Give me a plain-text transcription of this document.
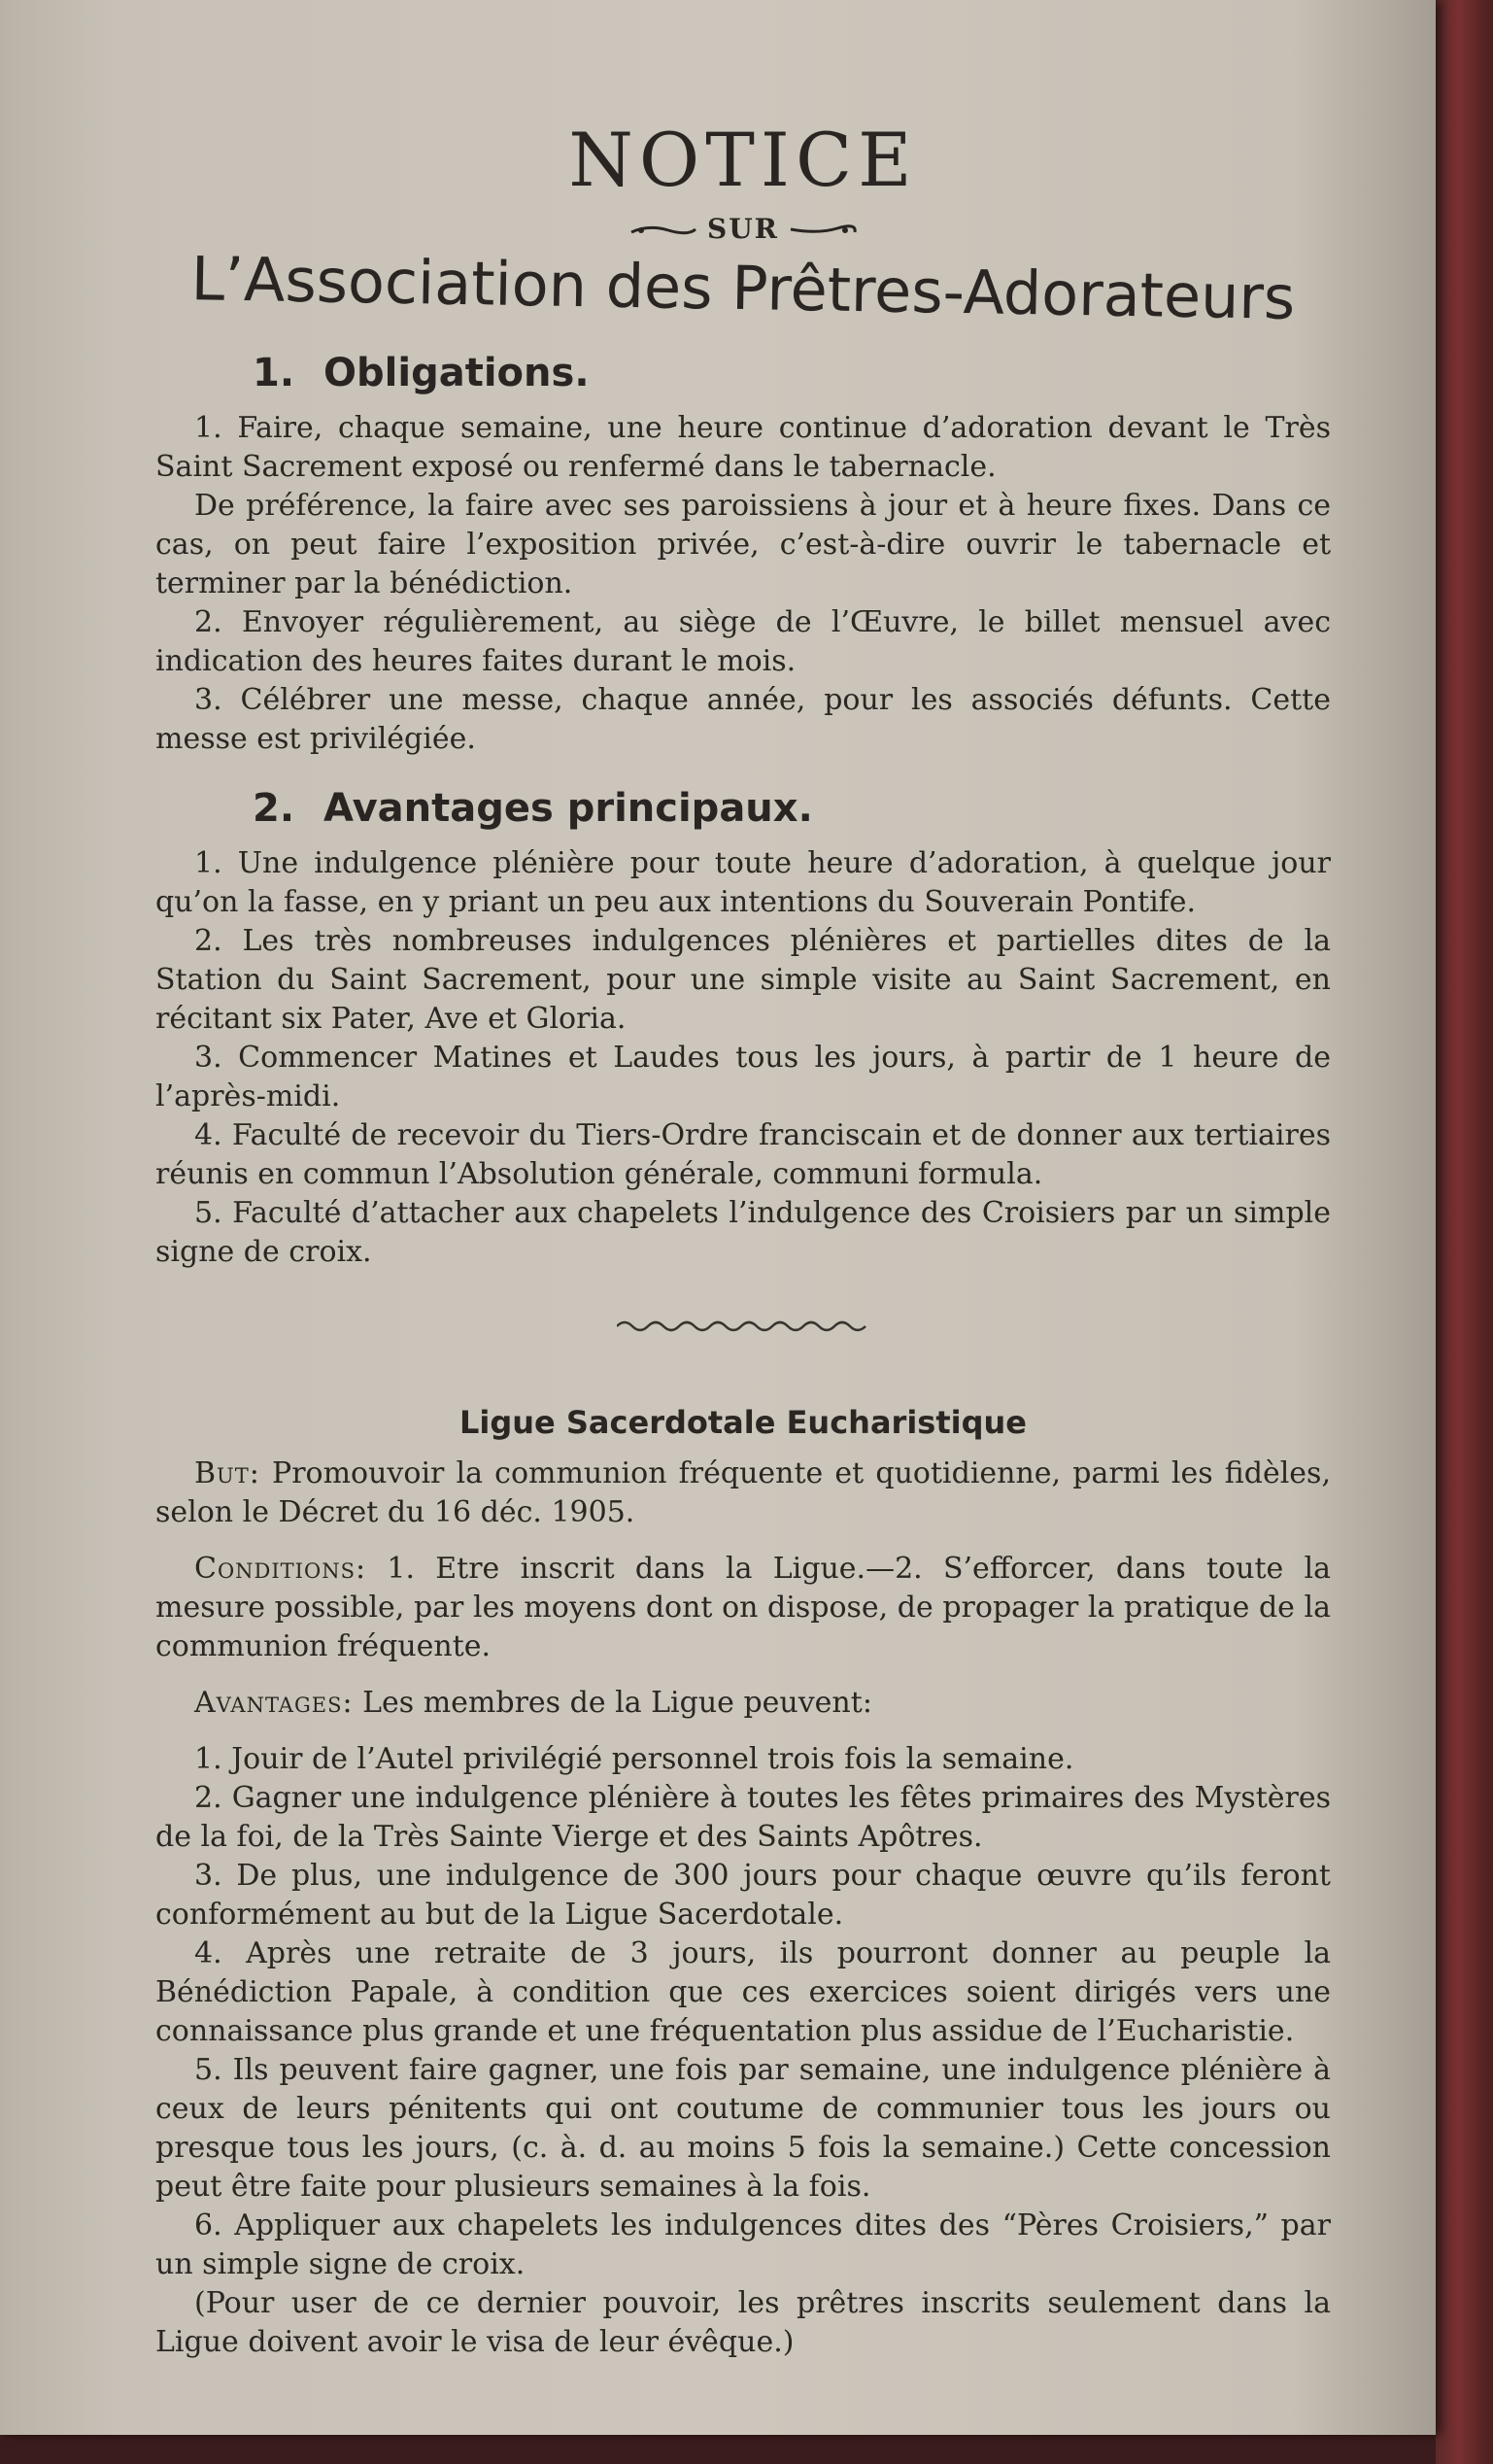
NOTICE
SUR
L’Association des Prêtres-Adorateurs
1. Obligations.

1. Faire, chaque semaine, une heure continue d’adoration devant le Très Saint Sacrement exposé ou renfermé dans le tabernacle.

De préférence, la faire avec ses paroissiens à jour et à heure fixes. Dans ce cas, on peut faire l’exposition privée, c’est-à-dire ouvrir le tabernacle et terminer par la bénédiction.

2. Envoyer régulièrement, au siège de l’Œuvre, le billet mensuel avec indication des heures faites durant le mois.

3. Célébrer une messe, chaque année, pour les associés défunts. Cette messe est privilégiée.

2. Avantages principaux.

1. Une indulgence plénière pour toute heure d’adoration, à quelque jour qu’on la fasse, en y priant un peu aux intentions du Souverain Pontife.

2. Les très nombreuses indulgences plénières et partielles dites de la Station du Saint Sacrement, pour une simple visite au Saint Sacrement, en récitant six Pater, Ave et Gloria.

3. Commencer Matines et Laudes tous les jours, à partir de 1 heure de l’après-midi.

4. Faculté de recevoir du Tiers-Ordre franciscain et de donner aux tertiaires réunis en commun l’Absolution générale, communi formula.

5. Faculté d’attacher aux chapelets l’indulgence des Croisiers par un simple signe de croix.

Ligue Sacerdotale Eucharistique

But: Promouvoir la communion fréquente et quotidienne, parmi les fidèles, selon le Décret du 16 déc. 1905.

Conditions: 1. Etre inscrit dans la Ligue.—2. S’efforcer, dans toute la mesure possible, par les moyens dont on dispose, de propager la pratique de la communion fréquente.

Avantages: Les membres de la Ligue peuvent:

1. Jouir de l’Autel privilégié personnel trois fois la semaine.

2. Gagner une indulgence plénière à toutes les fêtes primaires des Mystères de la foi, de la Très Sainte Vierge et des Saints Apôtres.

3. De plus, une indulgence de 300 jours pour chaque œuvre qu’ils feront conformément au but de la Ligue Sacerdotale.

4. Après une retraite de 3 jours, ils pourront donner au peuple la Bénédiction Papale, à condition que ces exercices soient dirigés vers une connaissance plus grande et une fréquentation plus assidue de l’Eucharistie.

5. Ils peuvent faire gagner, une fois par semaine, une indulgence plénière à ceux de leurs pénitents qui ont coutume de communier tous les jours ou presque tous les jours, (c. à. d. au moins 5 fois la semaine.) Cette concession peut être faite pour plusieurs semaines à la fois.

6. Appliquer aux chapelets les indulgences dites des “Pères Croisiers,” par un simple signe de croix.

(Pour user de ce dernier pouvoir, les prêtres inscrits seulement dans la Ligue doivent avoir le visa de leur évêque.)
